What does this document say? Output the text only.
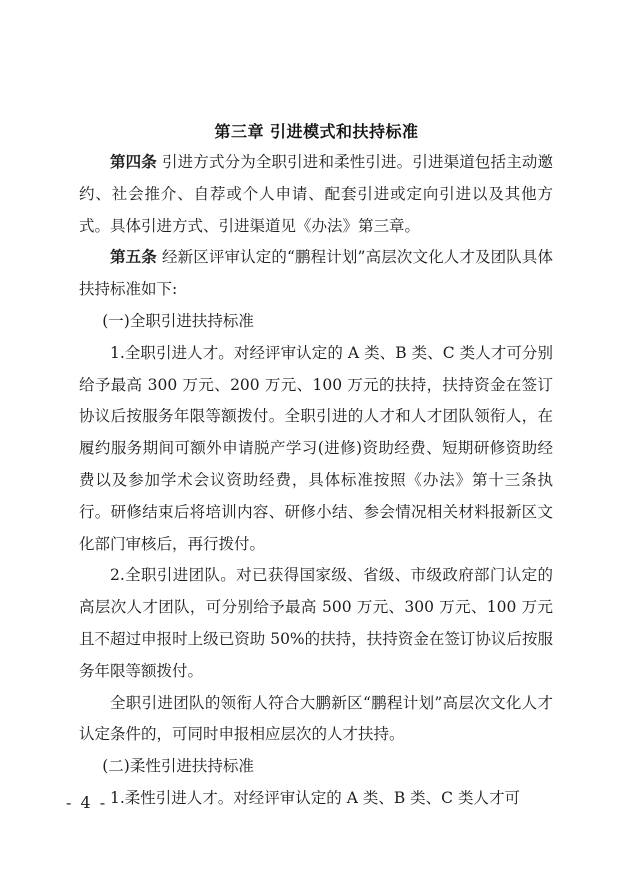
第三章 引进模式和扶持标准

第四条 引进方式分为全职引进和柔性引进。引进渠道包括主动邀约、社会推介、自荐或个人申请、配套引进或定向引进以及其他方式。具体引进方式、引进渠道见《办法》第三章。

第五条 经新区评审认定的“鹏程计划”高层次文化人才及团队具体扶持标准如下:

(一)全职引进扶持标准

1.全职引进人才。对经评审认定的 A 类、B 类、C 类人才可分别给予最高 300 万元、200 万元、100 万元的扶持，扶持资金在签订协议后按服务年限等额拨付。全职引进的人才和人才团队领衔人，在履约服务期间可额外申请脱产学习(进修)资助经费、短期研修资助经费以及参加学术会议资助经费，具体标准按照《办法》第十三条执行。研修结束后将培训内容、研修小结、参会情况相关材料报新区文化部门审核后，再行拨付。

2.全职引进团队。对已获得国家级、省级、市级政府部门认定的高层次人才团队，可分别给予最高 500 万元、300 万元、100 万元且不超过申报时上级已资助 50%的扶持，扶持资金在签订协议后按服务年限等额拨付。

全职引进团队的领衔人符合大鹏新区“鹏程计划”高层次文化人才认定条件的，可同时申报相应层次的人才扶持。

(二)柔性引进扶持标准

1.柔性引进人才。对经评审认定的 A 类、B 类、C 类人才可

- 4 -
